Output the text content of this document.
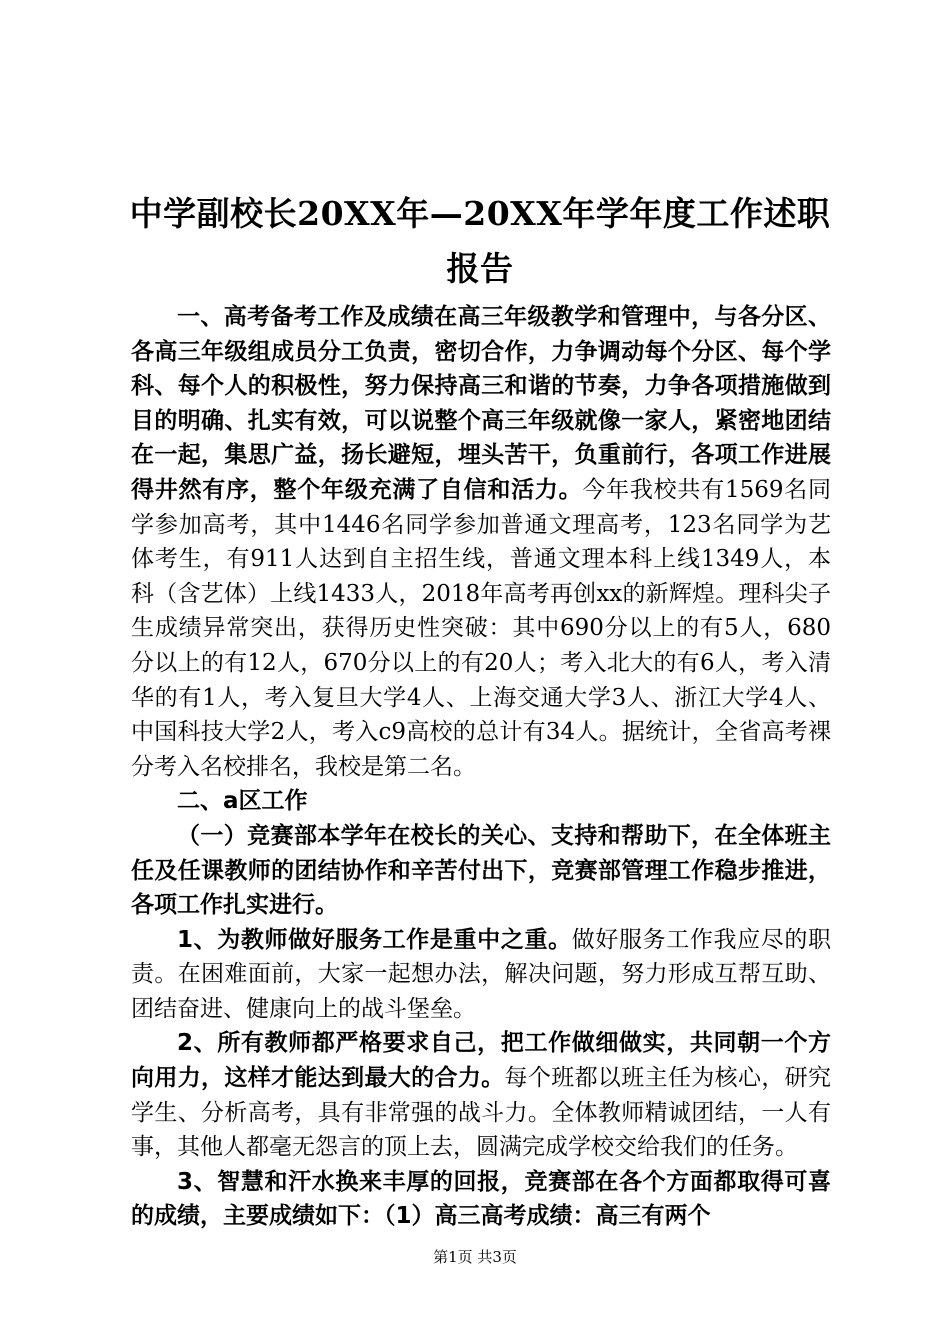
中学副校长20XX年—20XX年学年度工作述职
报告

一、高考备考工作及成绩在高三年级教学和管理中，与各分区、各高三年级组成员分工负责，密切合作，力争调动每个分区、每个学科、每个人的积极性，努力保持高三和谐的节奏，力争各项措施做到目的明确、扎实有效，可以说整个高三年级就像一家人，紧密地团结在一起，集思广益，扬长避短，埋头苦干，负重前行，各项工作进展得井然有序，整个年级充满了自信和活力。今年我校共有1569名同学参加高考，其中1446名同学参加普通文理高考，123名同学为艺体考生，有911人达到自主招生线，普通文理本科上线1349人，本科（含艺体）上线1433人，2018年高考再创xx的新辉煌。理科尖子生成绩异常突出，获得历史性突破：其中690分以上的有5人，680分以上的有12人，670分以上的有20人；考入北大的有6人，考入清华的有1人，考入复旦大学4人、上海交通大学3人、浙江大学4人、中国科技大学2人，考入c9高校的总计有34人。据统计，全省高考裸分考入名校排名，我校是第二名。

二、a区工作

（一）竞赛部本学年在校长的关心、支持和帮助下，在全体班主任及任课教师的团结协作和辛苦付出下，竞赛部管理工作稳步推进，各项工作扎实进行。

1、为教师做好服务工作是重中之重。做好服务工作我应尽的职责。在困难面前，大家一起想办法，解决问题，努力形成互帮互助、团结奋进、健康向上的战斗堡垒。

2、所有教师都严格要求自己，把工作做细做实，共同朝一个方向用力，这样才能达到最大的合力。每个班都以班主任为核心，研究学生、分析高考，具有非常强的战斗力。全体教师精诚团结，一人有事，其他人都毫无怨言的顶上去，圆满完成学校交给我们的任务。

3、智慧和汗水换来丰厚的回报，竞赛部在各个方面都取得可喜的成绩，主要成绩如下：（1）高三高考成绩：高三有两个

第1页 共3页
